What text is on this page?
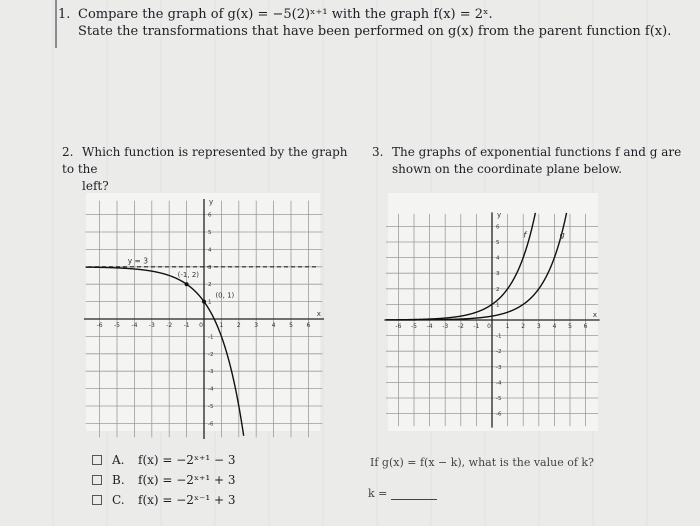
1. Compare the graph of g(x) = −5(2)ˣ⁺¹ with the graph f(x) = 2ˣ.
State the transformations that have been performed on g(x) from the parent function f(x).
2. Which function is represented by the graph to the
left?
3. The graphs of exponential functions f and g are
shown on the coordinate plane below.
-6 -5 -4 -3 -2 -1 0	1 2 3 4 5 6
6
5
4
3
2
1
-1
-2
-3
-4
-5
-6
x
y
y = 3
(-1, 2)
(0, 1)
-6 -5 -4 -3 -2 -1 0 1 2 3 4 5 6
6
5
4
3
2
1
-1
-2
-3
-4
-5
-6
x
y
f	g
A.	f(x) = −2ˣ⁺¹ − 3
B.	f(x) = −2ˣ⁺¹ + 3
C.	f(x) = −2ˣ⁻¹ + 3
If g(x) = f(x − k), what is the value of k?
k =
